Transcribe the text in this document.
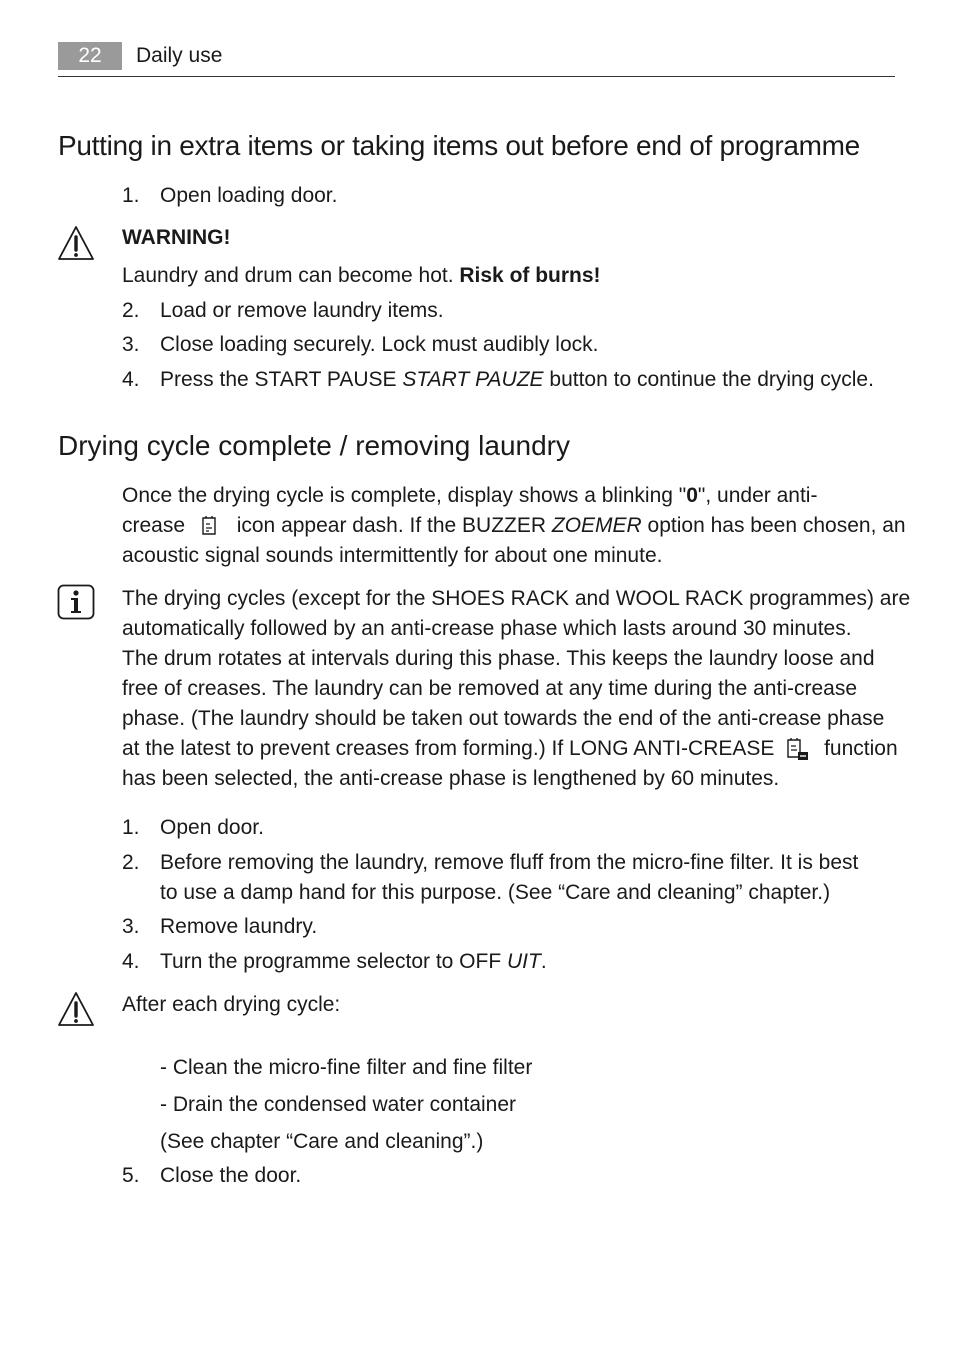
22	Daily use
Putting in extra items or taking items out before end of programme
1. Open loading door.
WARNING!
Laundry and drum can become hot. Risk of burns!
2. Load or remove laundry items.
3. Close loading securely. Lock must audibly lock.
4. Press the START PAUSE START PAUZE button to continue the drying cycle.
Drying cycle complete / removing laundry
Once the drying cycle is complete, display shows a blinking "0", under anti-
crease  icon appear dash. If the BUZZER ZOEMER option has been chosen, an
acoustic signal sounds intermittently for about one minute.
The drying cycles (except for the SHOES RACK and WOOL RACK programmes) are
automatically followed by an anti-crease phase which lasts around 30 minutes.
The drum rotates at intervals during this phase. This keeps the laundry loose and
free of creases. The laundry can be removed at any time during the anti-crease
phase. (The laundry should be taken out towards the end of the anti-crease phase
at the latest to prevent creases from forming.) If LONG ANTI-CREASE  function
has been selected, the anti-crease phase is lengthened by 60 minutes.
1. Open door.
2. Before removing the laundry, remove fluff from the micro-fine filter. It is best
to use a damp hand for this purpose. (See “Care and cleaning” chapter.)
3. Remove laundry.
4. Turn the programme selector to OFF UIT.
After each drying cycle:
- Clean the micro-fine filter and fine filter
- Drain the condensed water container
(See chapter “Care and cleaning”.)
5. Close the door.
